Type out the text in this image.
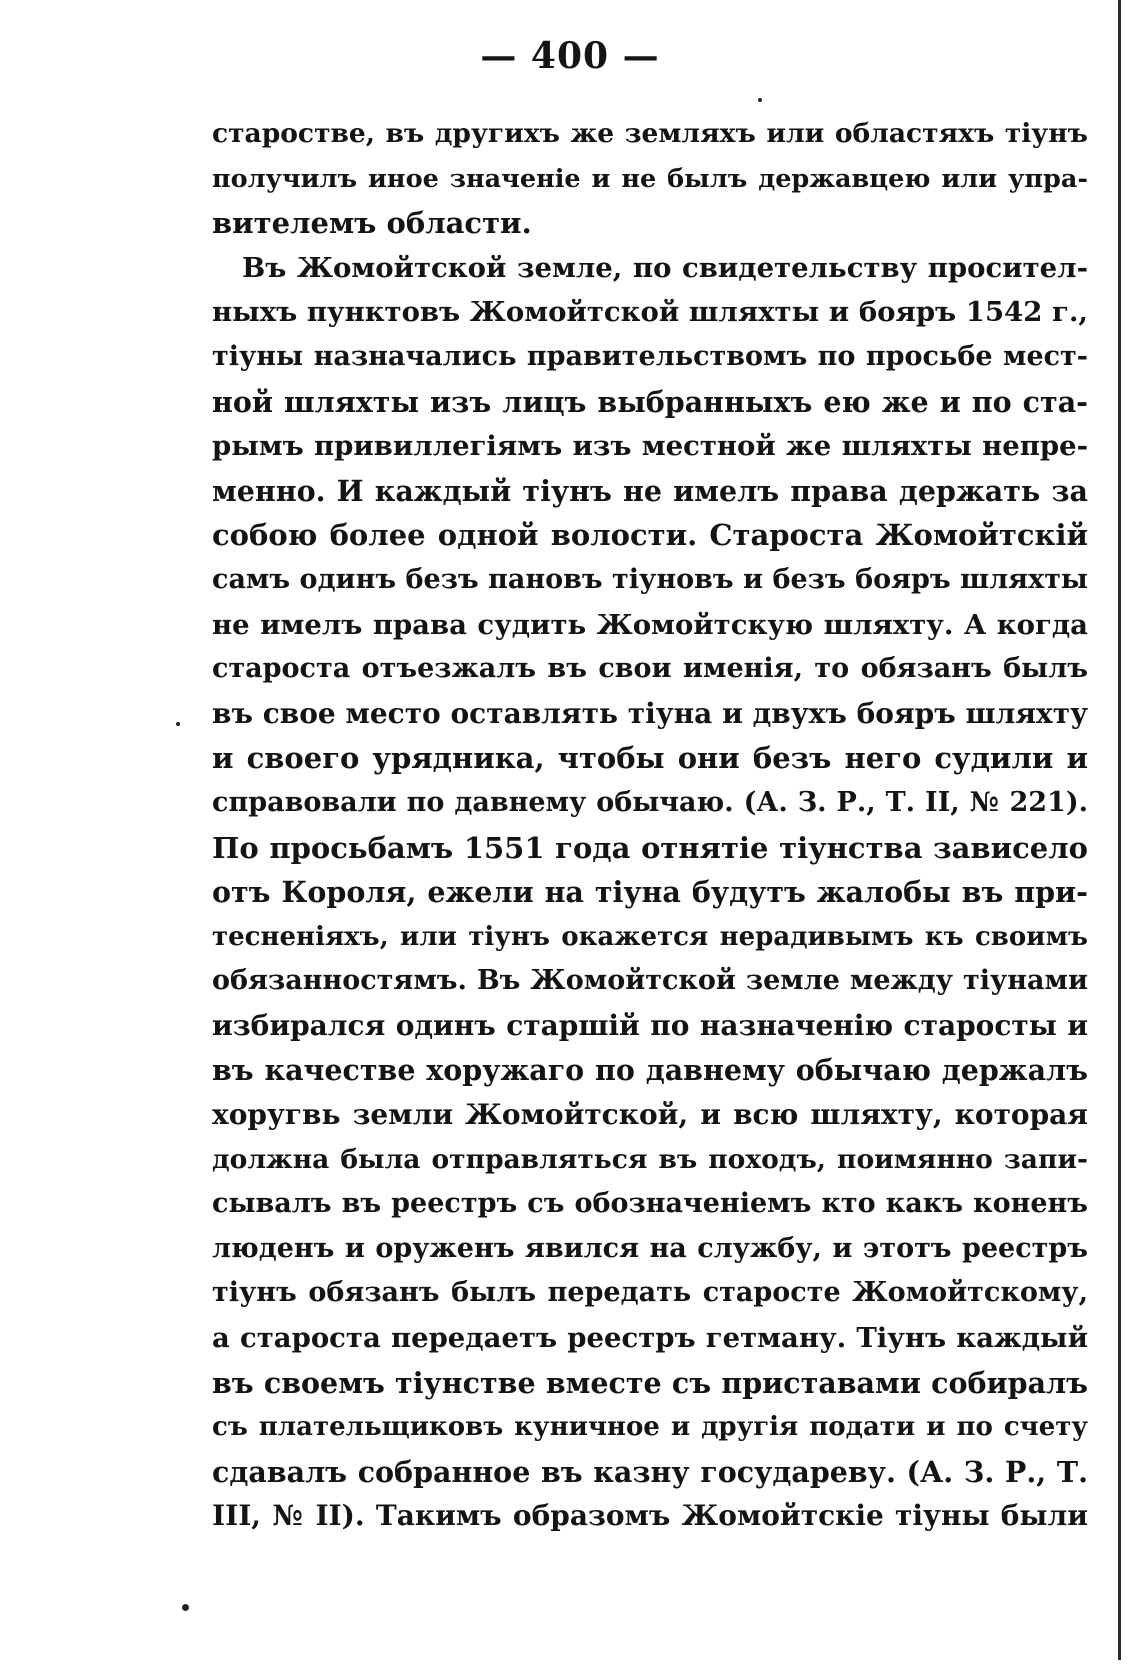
— 400 —
старостве, въ другихъ же земляхъ или областяхъ тiунъ
получилъ иное значенiе и не былъ державцею или упра-
вителемъ области.
Въ Жомойтской земле, по свидетельству просител-
ныхъ пунктовъ Жомойтской шляхты и бояръ 1542 г.,
тiуны назначались правительствомъ по просьбе мест-
ной шляхты изъ лицъ выбранныхъ ею же и по ста-
рымъ привиллегiямъ изъ местной же шляхты непре-
менно. И каждый тiунъ не имелъ права держать за
собою более одной волости. Староста Жомойтскiй
самъ одинъ безъ пановъ тiуновъ и безъ бояръ шляхты
не имелъ права судить Жомойтскую шляхту. А когда
староста отъезжалъ въ свои именiя, то обязанъ былъ
въ свое место оставлять тiуна и двухъ бояръ шляхту
и своего урядника, чтобы они безъ него судили и
справовали по давнему обычаю. (А. З. Р., Т. II, № 221).
По просьбамъ 1551 года отнятiе тiунства зависело
отъ Короля, ежели на тiуна будутъ жалобы въ при-
тесненiяхъ, или тiунъ окажется нерадивымъ къ своимъ
обязанностямъ. Въ Жомойтской земле между тiунами
избирался одинъ старшiй по назначенiю старосты и
въ качестве хоружаго по давнему обычаю держалъ
хоругвь земли Жомойтской, и всю шляхту, которая
должна была отправляться въ походъ, поимянно запи-
сывалъ въ реестръ съ обозначенiемъ кто какъ коненъ
люденъ и оруженъ явился на службу, и этотъ реестръ
тiунъ обязанъ былъ передать старосте Жомойтскому,
а староста передаетъ реестръ гетману. Тiунъ каждый
въ своемъ тiунстве вместе съ приставами собиралъ
съ плательщиковъ куничное и другiя подати и по счету
сдавалъ собранное въ казну государеву. (А. З. Р., Т.
III, № II). Такимъ образомъ Жомойтскiе тiуны были
